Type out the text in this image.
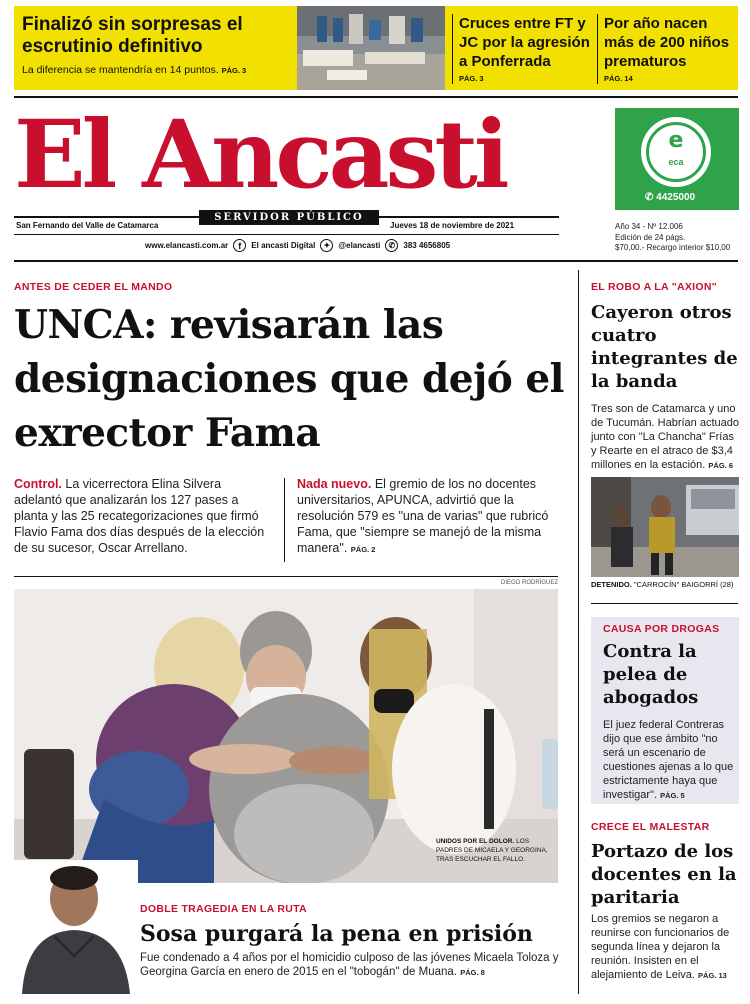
Finalizó sin sorpresas el escrutinio definitivo
La diferencia se mantendría en 14 puntos. PÁG. 3
Cruces entre FT y JC por la agresión a Ponferrada
PÁG. 3
Por año nacen más de 200 niños prematuros
PÁG. 14
El Ancasti
San Fernando del Valle de Catamarca
SERVIDOR PÚBLICO
Jueves 18 de noviembre de 2021
www.elancasti.com.ar	f	El ancasti Digital	✦	@elancasti	✆	383 4656805
e
eca
✆ 4425000
Año 34 - Nº 12.006
Edición de 24 págs.
$70,00.- Recargo interior $10,00
ANTES DE CEDER EL MANDO
UNCA: revisarán las designaciones que dejó el exrector Fama
Control. La vicerrectora Elina Silvera adelantó que analizarán los 127 pases a planta y las 25 recategorizaciones que firmó Flavio Fama dos días después de la elección de su sucesor, Oscar Arrellano.
Nada nuevo. El gremio de los no docentes universitarios, APUNCA, advirtió que la resolución 579 es "una de varias" que rubricó Fama, que "siempre se manejó de la misma manera". PÁG. 2
DIEGO RODRÍGUEZ
UNIDOS POR EL DOLOR. LOS PADRES DE MICAELA Y GEORGINA, TRAS ESCUCHAR EL FALLO.
DOBLE TRAGEDIA EN LA RUTA
Sosa purgará la pena en prisión
Fue condenado a 4 años por el homicidio culposo de las jóvenes Micaela Toloza y Georgina García en enero de 2015 en el "tobogán" de Muana. PÁG. 8
EL ROBO A LA "AXION"
Cayeron otros cuatro integrantes de la banda
Tres son de Catamarca y uno de Tucumán. Habrían actuado junto con "La Chancha" Frías y Rearte en el atraco de $3,4 millones en la estación. PÁG. 6
DETENIDO. "CARROCÍN" BAIGORRÍ (28)
CAUSA POR DROGAS
Contra la pelea de abogados
El juez federal Contreras dijo que ese ámbito "no será un escenario de cuestiones ajenas a lo que estrictamente haya que investigar". PÁG. 5
CRECE EL MALESTAR
Portazo de los docentes en la paritaria
Los gremios se negaron a reunirse con funcionarios de segunda línea y dejaron la reunión. Insisten en el alejamiento de Leiva. PÁG. 13
